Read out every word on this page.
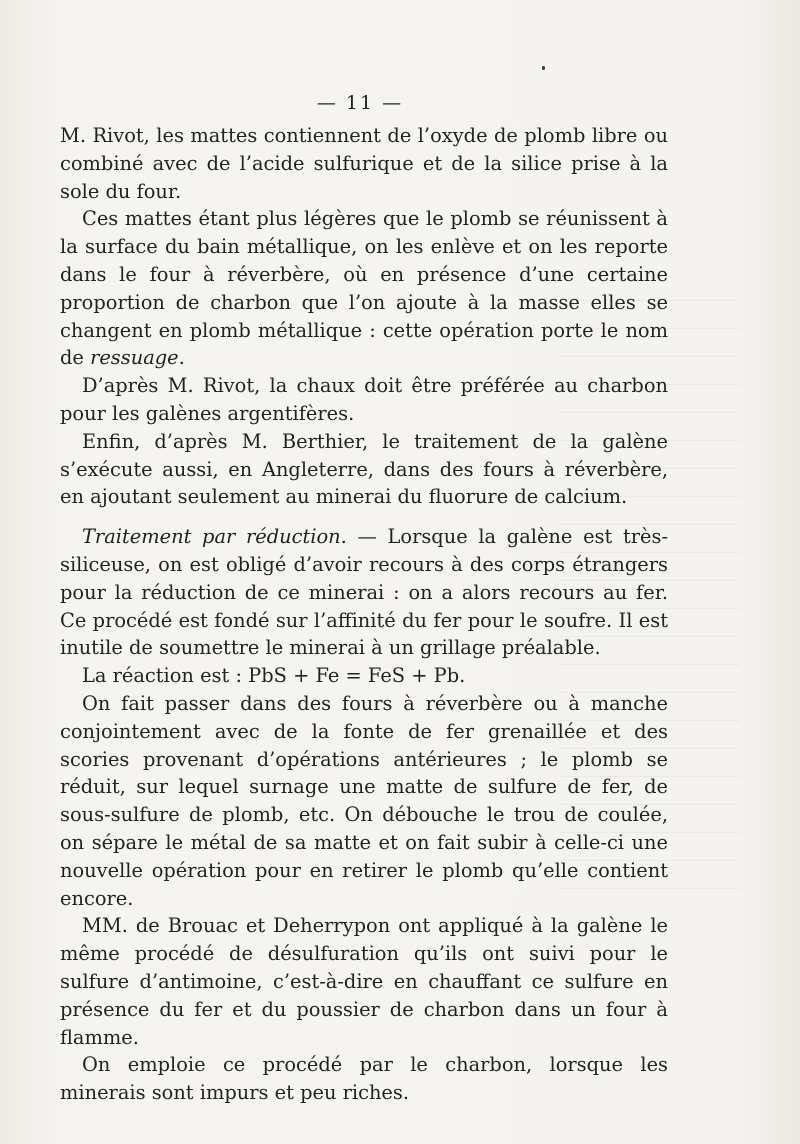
— 11 —

M. Rivot, les mattes contiennent de l’oxyde de plomb libre ou combiné avec de l’acide sulfurique et de la silice prise à la sole du four.

Ces mattes étant plus légères que le plomb se réunissent à la surface du bain métallique, on les enlève et on les reporte dans le four à réverbère, où en présence d’une certaine proportion de charbon que l’on ajoute à la masse elles se changent en plomb métallique : cette opération porte le nom de ressuage.

D’après M. Rivot, la chaux doit être préférée au charbon pour les galènes argentifères.

Enfin, d’après M. Berthier, le traitement de la galène s’exécute aussi, en Angleterre, dans des fours à réverbère, en ajoutant seulement au minerai du fluorure de calcium.

Traitement par réduction. — Lorsque la galène est très-siliceuse, on est obligé d’avoir recours à des corps étrangers pour la réduction de ce minerai : on a alors recours au fer. Ce procédé est fondé sur l’affinité du fer pour le soufre. Il est inutile de soumettre le minerai à un grillage préalable.

La réaction est : PbS + Fe = FeS + Pb.

On fait passer dans des fours à réverbère ou à manche conjointement avec de la fonte de fer grenaillée et des scories provenant d’opérations antérieures ; le plomb se réduit, sur lequel surnage une matte de sulfure de fer, de sous-sulfure de plomb, etc. On débouche le trou de coulée, on sépare le métal de sa matte et on fait subir à celle-ci une nouvelle opération pour en retirer le plomb qu’elle contient encore.

MM. de Brouac et Deherrypon ont appliqué à la galène le même procédé de désulfuration qu’ils ont suivi pour le sulfure d’antimoine, c’est-à-dire en chauffant ce sulfure en présence du fer et du poussier de charbon dans un four à flamme.

On emploie ce procédé par le charbon, lorsque les minerais sont impurs et peu riches.
